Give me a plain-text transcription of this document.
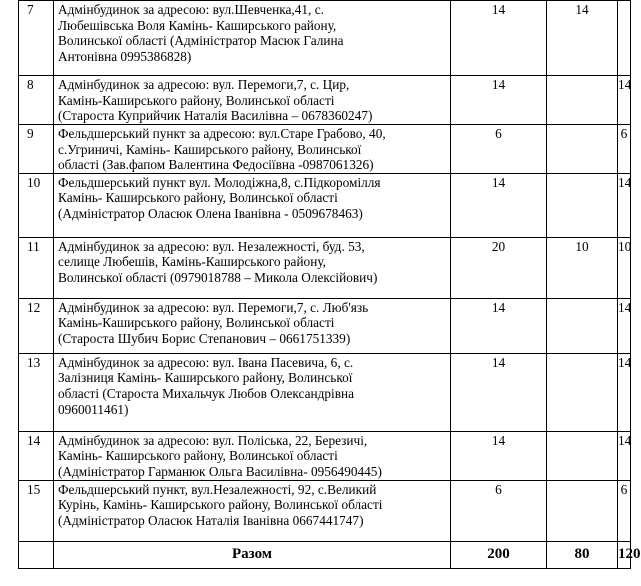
7	Адмінбудинок за адресою: вул.Шевченка,41, с.
Любешівська Воля Камінь- Каширського району,
Волинської області (Адміністратор Масюк Галина
Антонівна 0995386828)	14	14	
8	Адмінбудинок за адресою: вул. Перемоги,7, с. Цир,
Камінь-Каширського району, Волинської області
(Староста Куприйчик Наталія Василівна – 0678360247)	14		14
9	Фельдшерський пункт за адресою: вул.Старе Грабово, 40,
с.Угриничі, Камінь- Каширського району, Волинської
області (Зав.фапом Валентина Федосіївна -0987061326)	6		6
10	Фельдшерський пункт вул. Молодіжна,8, с.Підкоромілля
Камінь- Каширського району, Волинської області
(Адміністратор Оласюк Олена Іванівна - 0509678463)	14		14
11	Адмінбудинок за адресою: вул. Незалежності, буд. 53,
селище Любешів, Камінь-Каширського району,
Волинської області (0979018788 – Микола Олексійович)	20	10	10
12	Адмінбудинок за адресою: вул. Перемоги,7, с. Люб'язь
Камінь-Каширського району, Волинської області
(Староста Шубич Борис Степанович – 0661751339)	14		14
13	Адмінбудинок за адресою: вул. Івана Пасевича, 6, с.
Залізниця Камінь- Каширського району, Волинської
області (Староста Михальчук Любов Олександрівна
0960011461)	14		14
14	Адмінбудинок за адресою: вул. Поліська, 22, Березичі,
Камінь- Каширського району, Волинської області
(Адміністратор Гарманюк Ольга Василівна- 0956490445)	14		14
15	Фельдшерський пункт, вул.Незалежності, 92, с.Великий
Курінь, Камінь- Каширського району, Волинської області
(Адміністратор Оласюк Наталія Іванівна 0667441747)	6		6
	Разом	200	80	120
